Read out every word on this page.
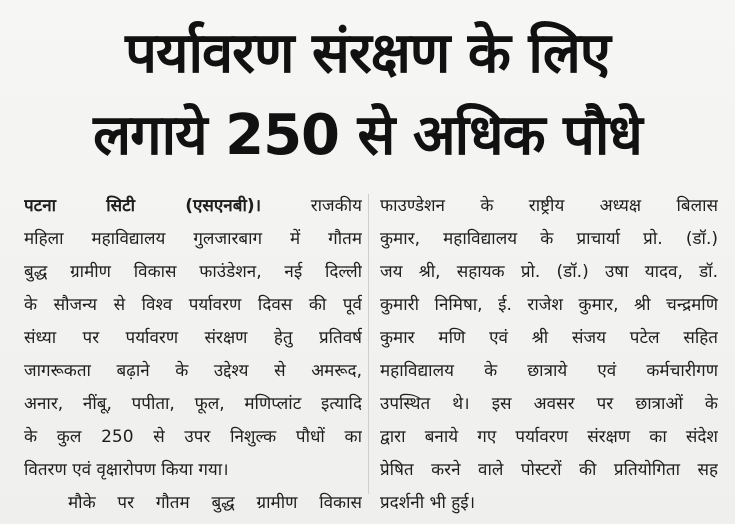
पर्यावरण संरक्षण के लिए
लगाये 250 से अधिक पौधे
पटना सिटी (एसएनबी)।	राजकीय
महिला महाविद्यालय गुलजारबाग में गौतम
बुद्ध ग्रामीण विकास फाउंडेशन, नई दिल्ली
के सौजन्य से विश्व पर्यावरण दिवस की पूर्व
संध्या पर पर्यावरण संरक्षण हेतु प्रतिवर्ष
जागरूकता बढ़ाने के उद्देश्य से अमरूद,
अनार, नींबू, पपीता, फूल, मणिप्लांट इत्यादि
के कुल 250 से उपर निशुल्क पौधों का
वितरण एवं वृक्षारोपण किया गया।
मौके पर गौतम बुद्ध ग्रामीण विकास
फाउण्डेशन के राष्ट्रीय अध्यक्ष बिलास
कुमार, महाविद्यालय के प्राचार्या प्रो. (डॉ.)
जय श्री, सहायक प्रो. (डॉ.) उषा यादव, डॉ.
कुमारी निमिषा, ई. राजेश कुमार, श्री चन्द्रमणि
कुमार मणि एवं श्री संजय पटेल सहित
महाविद्यालय के छात्राये एवं कर्मचारीगण
उपस्थित थे। इस अवसर पर छात्राओं के
द्वारा बनाये गए पर्यावरण संरक्षण का संदेश
प्रेषित करने वाले पोस्टरों की प्रतियोगिता सह
प्रदर्शनी भी हुई।
